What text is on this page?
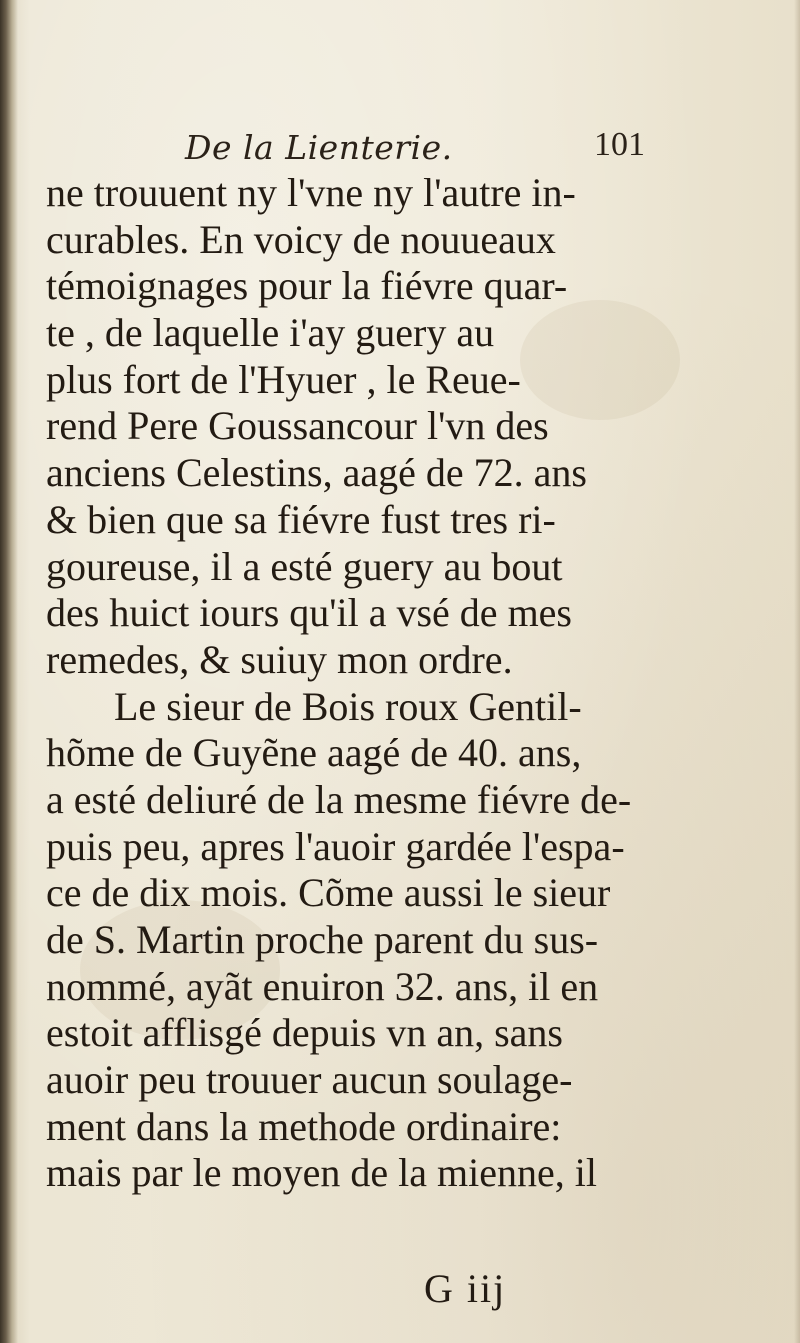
De la Lienterie.	101
ne trouuent ny l'vne ny l'autre in-
curables. En voicy de nouueaux
témoignages pour la fiévre quar-
te , de laquelle i'ay guery au
plus fort de l'Hyuer , le Reue-
rend Pere Goussancour l'vn des
anciens Celestins, aagé de 72. ans
& bien que sa fiévre fust tres ri-
goureuse, il a esté guery au bout
des huict iours qu'il a vsé de mes
remedes, & suiuy mon ordre.
Le sieur de Bois roux Gentil-
hõme de Guyẽne aagé de 40. ans,
a esté deliuré de la mesme fiévre de-
puis peu, apres l'auoir gardée l'espa-
ce de dix mois. Cõme aussi le sieur
de S. Martin proche parent du sus-
nommé, ayãt enuiron 32. ans, il en
estoit afflisgé depuis vn an, sans
auoir peu trouuer aucun soulage-
ment dans la methode ordinaire:
mais par le moyen de la mienne, il
G iij
